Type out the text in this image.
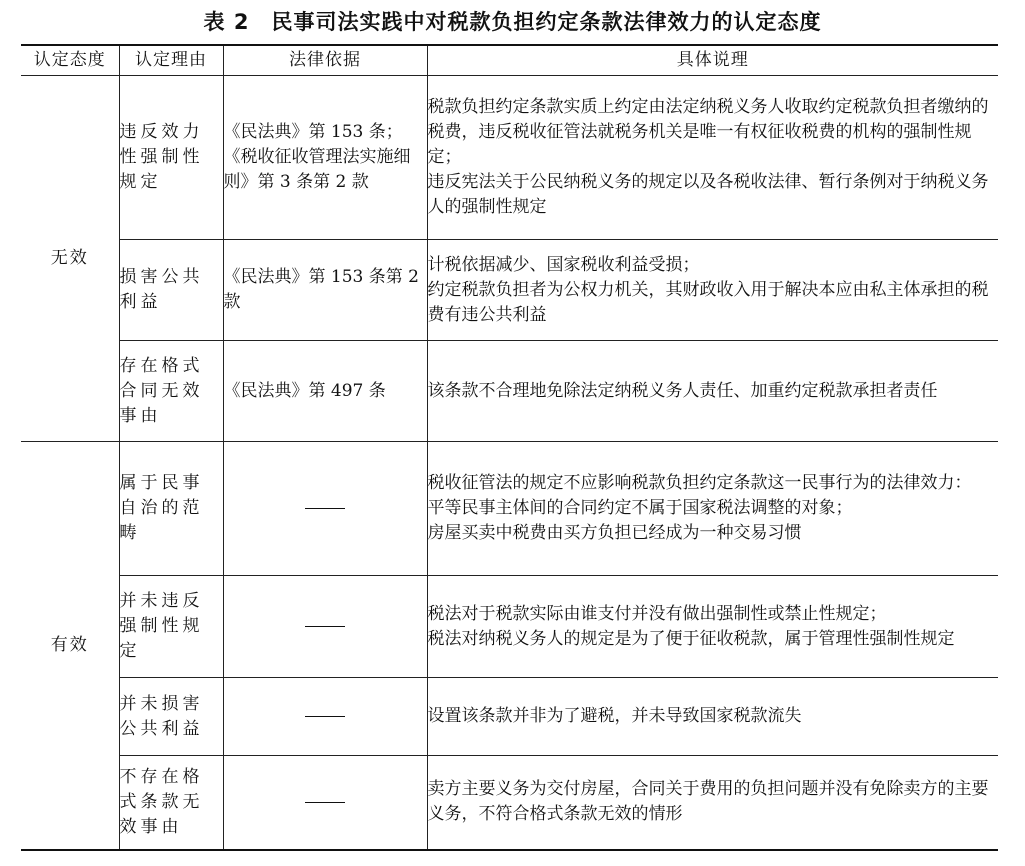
表 2 民事司法实践中对税款负担约定条款法律效力的认定态度
认定态度	认定理由	法律依据	具体说理
无效	违反效力性强制性规定	《民法典》第 153 条；《税收征收管理法实施细则》第 3 条第 2 款	税款负担约定条款实质上约定由法定纳税义务人收取约定税款负担者缴纳的税费，违反税收征管法就税务机关是唯一有权征收税费的机构的强制性规定；
违反宪法关于公民纳税义务的规定以及各税收法律、暂行条例对于纳税义务人的强制性规定

	损害公共利益	《民法典》第 153 条第 2 款	计税依据减少、国家税收利益受损；
约定税款负担者为公权力机关，其财政收入用于解决本应由私主体承担的税费有违公共利益

	存在格式合同无效事由	《民法典》第 497 条	该条款不合理地免除法定纳税义务人责任、加重约定税款承担者责任

有效	属于民事自治的范畴		税收征管法的规定不应影响税款负担约定条款这一民事行为的法律效力：
平等民事主体间的合同约定不属于国家税法调整的对象；
房屋买卖中税费由买方负担已经成为一种交易习惯

	并未违反强制性规定		税法对于税款实际由谁支付并没有做出强制性或禁止性规定；
税法对纳税义务人的规定是为了便于征收税款，属于管理性强制性规定

	并未损害公共利益		设置该条款并非为了避税，并未导致国家税款流失

	不存在格式条款无效事由		卖方主要义务为交付房屋，合同关于费用的负担问题并没有免除卖方的主要义务，不符合格式条款无效的情形
